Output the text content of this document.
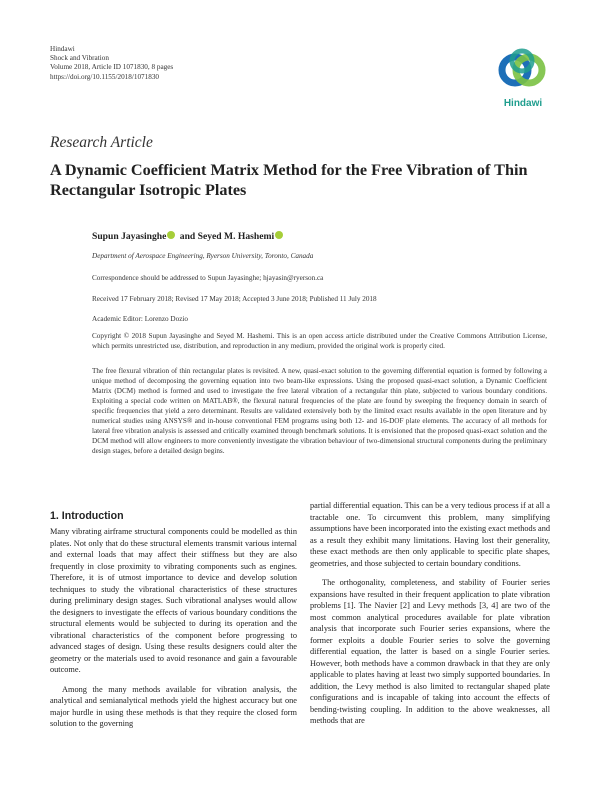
Hindawi
Shock and Vibration
Volume 2018, Article ID 1071830, 8 pages
https://doi.org/10.1155/2018/1071830
Hindawi
Research Article
A Dynamic Coefficient Matrix Method for the Free Vibration of Thin Rectangular Isotropic Plates
Supun Jayasinghe and Seyed M. Hashemi
Department of Aerospace Engineering, Ryerson University, Toronto, Canada
Correspondence should be addressed to Supun Jayasinghe; hjayasin@ryerson.ca
Received 17 February 2018; Revised 17 May 2018; Accepted 3 June 2018; Published 11 July 2018
Academic Editor: Lorenzo Dozio
Copyright © 2018 Supun Jayasinghe and Seyed M. Hashemi. This is an open access article distributed under the Creative Commons Attribution License, which permits unrestricted use, distribution, and reproduction in any medium, provided the original work is properly cited.
The free flexural vibration of thin rectangular plates is revisited. A new, quasi-exact solution to the governing differential equation is formed by following a unique method of decomposing the governing equation into two beam-like expressions. Using the proposed quasi-exact solution, a Dynamic Coefficient Matrix (DCM) method is formed and used to investigate the free lateral vibration of a rectangular thin plate, subjected to various boundary conditions. Exploiting a special code written on MATLAB®, the flexural natural frequencies of the plate are found by sweeping the frequency domain in search of specific frequencies that yield a zero determinant. Results are validated extensively both by the limited exact results available in the open literature and by numerical studies using ANSYS® and in-house conventional FEM programs using both 12- and 16-DOF plate elements. The accuracy of all methods for lateral free vibration analysis is assessed and critically examined through benchmark solutions. It is envisioned that the proposed quasi-exact solution and the DCM method will allow engineers to more conveniently investigate the vibration behaviour of two-dimensional structural components during the preliminary design stages, before a detailed design begins.
1. Introduction

Many vibrating airframe structural components could be modelled as thin plates. Not only that do these structural elements transmit various internal and external loads that may affect their stiffness but they are also frequently in close proximity to vibrating components such as engines. Therefore, it is of utmost importance to device and develop solution techniques to study the vibrational characteristics of these structures during preliminary design stages. Such vibrational analyses would allow the designers to investigate the effects of various boundary conditions the structural elements would be subjected to during its operation and the vibrational characteristics of the component before progressing to advanced stages of design. Using these results designers could alter the geometry or the materials used to avoid resonance and gain a favourable outcome.

Among the many methods available for vibration analysis, the analytical and semianalytical methods yield the highest accuracy but one major hurdle in using these methods is that they require the closed form solution to the governing

partial differential equation. This can be a very tedious process if at all a tractable one. To circumvent this problem, many simplifying assumptions have been incorporated into the existing exact methods and as a result they exhibit many limitations. Having lost their generality, these exact methods are then only applicable to specific plate shapes, geometries, and those subjected to certain boundary conditions.

The orthogonality, completeness, and stability of Fourier series expansions have resulted in their frequent application to plate vibration problems [1]. The Navier [2] and Levy methods [3, 4] are two of the most common analytical procedures available for plate vibration analysis that incorporate such Fourier series expansions, where the former exploits a double Fourier series to solve the governing differential equation, the latter is based on a single Fourier series. However, both methods have a common drawback in that they are only applicable to plates having at least two simply supported boundaries. In addition, the Levy method is also limited to rectangular shaped plate configurations and is incapable of taking into account the effects of bending-twisting coupling. In addition to the above weaknesses, all methods that are
